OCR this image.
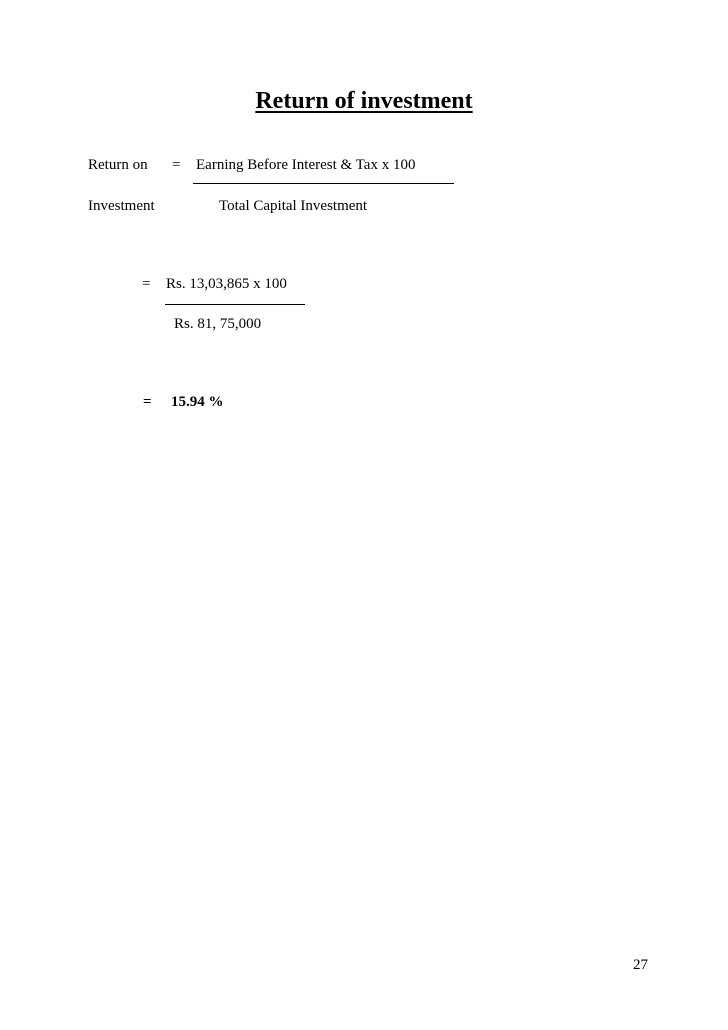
Return of investment
Return on = Earning Before Interest & Tax x 100
Investment	Total Capital Investment
= Rs. 13,03,865 x 100
Rs. 81, 75,000
= 15.94 %
27
